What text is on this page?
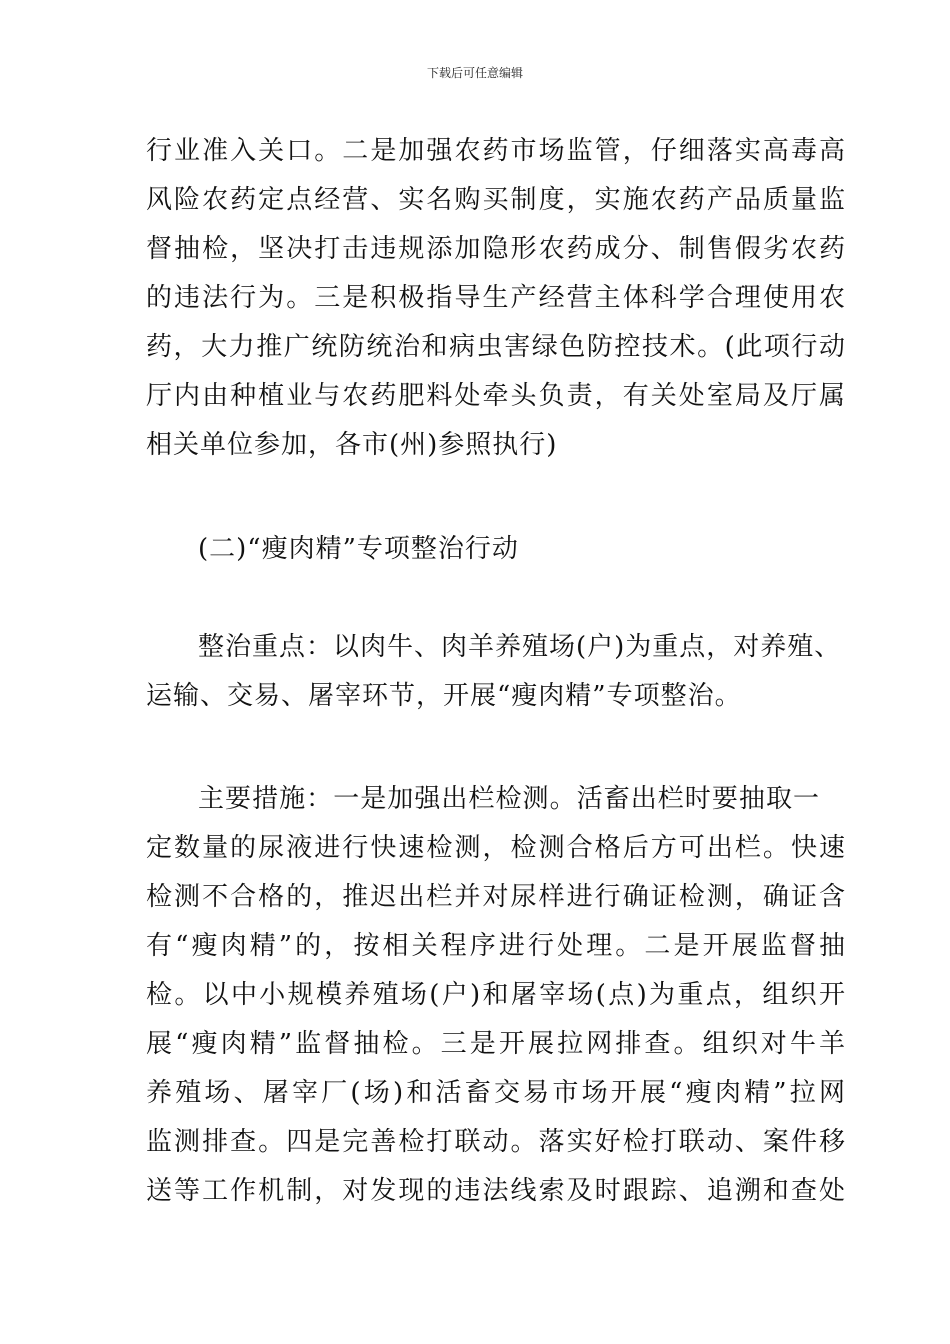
下载后可任意编辑
行业准入关口。二是加强农药市场监管，仔细落实高毒高
风险农药定点经营、实名购买制度，实施农药产品质量监
督抽检，坚决打击违规添加隐形农药成分、制售假劣农药
的违法行为。三是积极指导生产经营主体科学合理使用农
药，大力推广统防统治和病虫害绿色防控技术。(此项行动
厅内由种植业与农药肥料处牵头负责，有关处室局及厅属
相关单位参加，各市(州)参照执行)
(二)“瘦肉精”专项整治行动
整治重点：以肉牛、肉羊养殖场(户)为重点，对养殖、
运输、交易、屠宰环节，开展“瘦肉精”专项整治。
主要措施：一是加强出栏检测。活畜出栏时要抽取一
定数量的尿液进行快速检测，检测合格后方可出栏。快速
检测不合格的，推迟出栏并对尿样进行确证检测，确证含
有“瘦肉精”的，按相关程序进行处理。二是开展监督抽
检。以中小规模养殖场(户)和屠宰场(点)为重点，组织开
展“瘦肉精”监督抽检。三是开展拉网排查。组织对牛羊
养殖场、屠宰厂(场)和活畜交易市场开展“瘦肉精”拉网
监测排查。四是完善检打联动。落实好检打联动、案件移
送等工作机制，对发现的违法线索及时跟踪、追溯和查处
